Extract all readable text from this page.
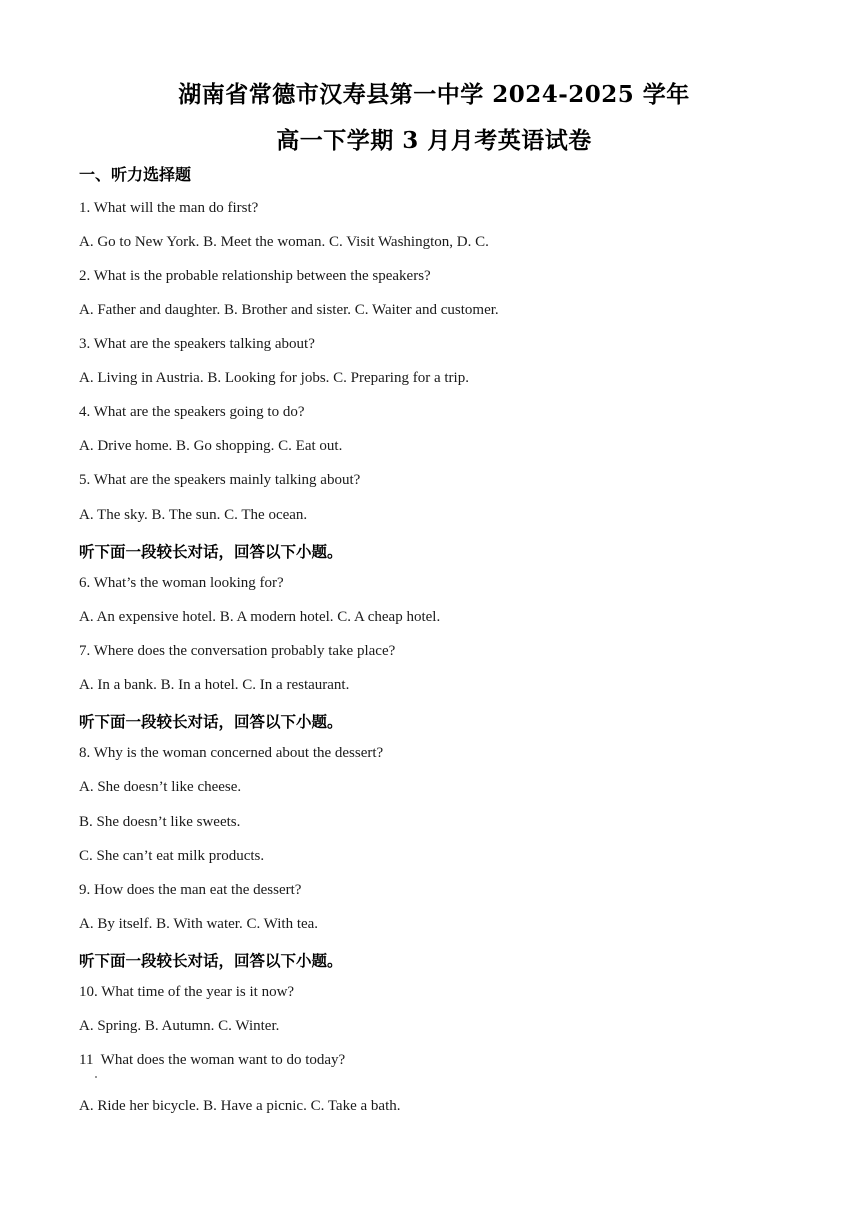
湖南省常德市汉寿县第一中学 2024-2025 学年
高一下学期 3 月月考英语试卷
一、听力选择题
1. What will the man do first?
A. Go to New York. B. Meet the woman. C. Visit Washington, D. C.
2. What is the probable relationship between the speakers?
A. Father and daughter. B. Brother and sister. C. Waiter and customer.
3. What are the speakers talking about?
A. Living in Austria. B. Looking for jobs. C. Preparing for a trip.
4. What are the speakers going to do?
A. Drive home. B. Go shopping. C. Eat out.
5. What are the speakers mainly talking about?
A. The sky. B. The sun. C. The ocean.
听下面一段较长对话，回答以下小题。
6. What’s the woman looking for?
A. An expensive hotel. B. A modern hotel. C. A cheap hotel.
7. Where does the conversation probably take place?
A. In a bank. B. In a hotel. C. In a restaurant.
听下面一段较长对话，回答以下小题。
8. Why is the woman concerned about the dessert?
A. She doesn’t like cheese.
B. She doesn’t like sweets.
C. She can’t eat milk products.
9. How does the man eat the dessert?
A. By itself. B. With water. C. With tea.
听下面一段较长对话，回答以下小题。
10. What time of the year is it now?
A. Spring. B. Autumn. C. Winter.
11  What does the woman want to do today?
A. Ride her bicycle. B. Have a picnic. C. Take a bath.
